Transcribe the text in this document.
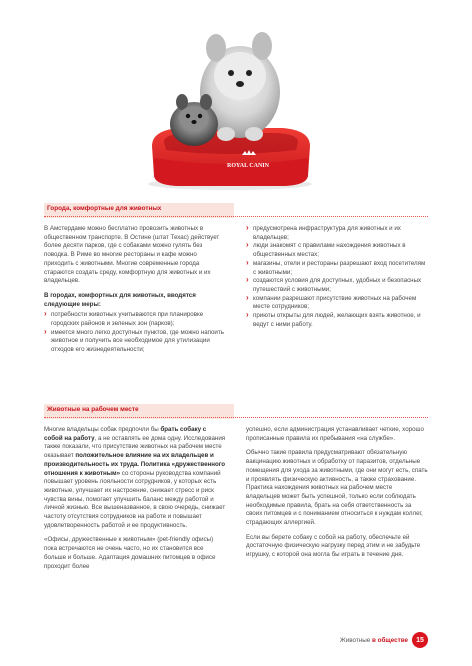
ROYAL CANIN
Города, комфортные для животных

В Амстердаме можно бесплатно провозить животных в общественном транспорте. В Остине (штат Техас) действует более десяти парков, где с собаками можно гулять без поводка. В Риме во многие рестораны и кафе можно приходить с животными. Многие современные города стараются создать среду, комфортную для животных и их владельцев.

В городах, комфортных для животных, вводятся следующие меры:
› потребности животных учитываются при планировке городских районов и зеленых зон (парков);
› имеется много легко доступных пунктов, где можно напоить животное и получить все необходимое для утилизации отходов его жизнедеятельности;
› предусмотрена инфраструктура для животных и их владельцев;
› люди знакомят с правилами нахождения животных в общественных местах;
› магазины, отели и рестораны разрешают вход посетителям с животными;
› создаются условия для доступных, удобных и безопасных путешествий с животными;
› компании разрешают присутствие животных на рабочем месте сотрудников;
› приюты открыты для людей, желающих взять животное, и ведут с ними работу.
Животные на рабочем месте

Многие владельцы собак предпочли бы брать собаку с собой на работу, а не оставлять ее дома одну. Исследования также показали, что присутствие животных на рабочем месте оказывает положительное влияние на их владельцев и производительность их труда. Политика «дружественного отношения к животным» со стороны руководства компаний повышает уровень лояльности сотрудников, у которых есть животные, улучшает их настроение, снижает стресс и риск чувства вины, помогает улучшить баланс между работой и личной жизнью. Все вышеназванное, в свою очередь, снижает частоту отсутствия сотрудников на работе и повышает удовлетворенность работой и ее продуктивность.

«Офисы, дружественные к животным» (pet-friendly офисы) пока встречаются не очень часто, но их становится все больше и больше. Адаптация домашних питомцев в офисе проходит более

успешно, если администрация устанавливает четкие, хорошо прописанные правила их пребывания «на службе».

Обычно такие правила предусматривают обязательную вакцинацию животных и обработку от паразитов, отдельные помещения для ухода за животными, где они могут есть, спать и проявлять физическую активность, а также страхование. Практика нахождения животных на рабочем месте владельцев может быть успешной, только если соблюдать необходимые правила, брать на себя ответственность за своих питомцев и с пониманием относиться к нуждам коллег, страдающих аллергией.

Если вы берете собаку с собой на работу, обеспечьте ей достаточную физическую нагрузку перед этим и не забудьте игрушку, с которой она могла бы играть в течение дня.

Животные в обществе	15
